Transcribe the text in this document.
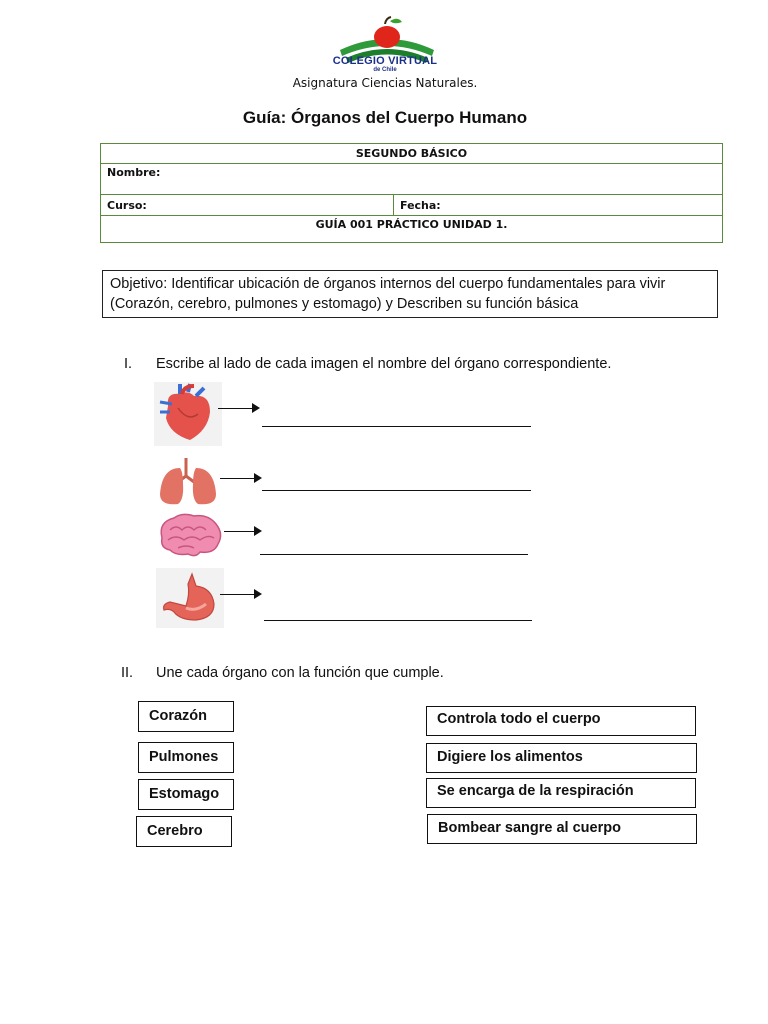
COLEGIO VIRTUAL
de Chile
Asignatura Ciencias Naturales.
Guía: Órganos del Cuerpo Humano
SEGUNDO BÁSICO
Nombre:
Curso:	Fecha:
GUÍA 001 PRÁCTICO UNIDAD 1.
Objetivo: Identificar ubicación de órganos internos del cuerpo fundamentales para vivir (Corazón, cerebro, pulmones y estomago) y Describen su función básica
I. Escribe al lado de cada imagen el nombre del órgano correspondiente.
II. Une cada órgano con la función que cumple.
Corazón
Pulmones
Estomago
Cerebro
Controla todo el cuerpo
Digiere los alimentos
Se encarga de la respiración
Bombear sangre al cuerpo
